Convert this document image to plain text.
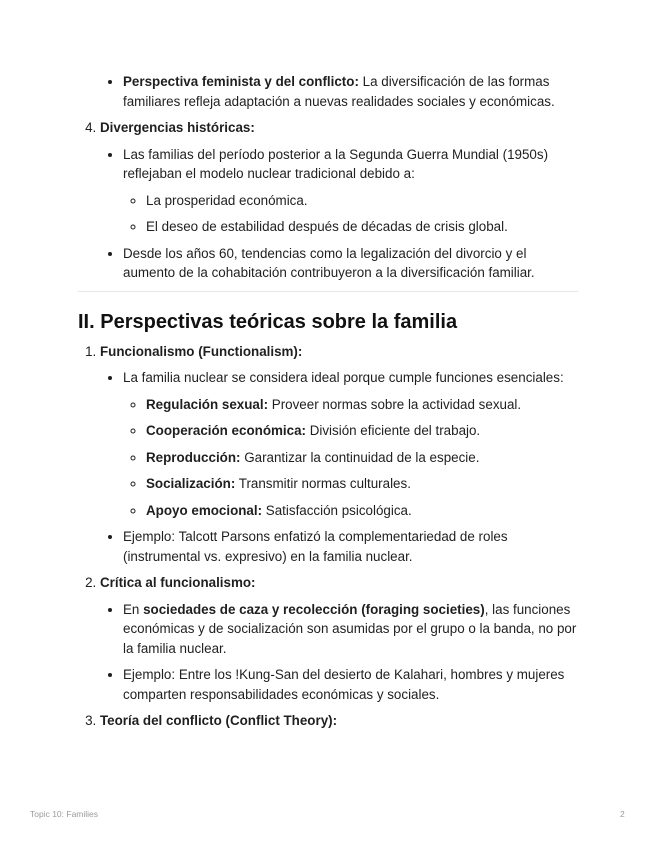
• Perspectiva feminista y del conflicto: La diversificación de las formas familiares refleja adaptación a nuevas realidades sociales y económicas.
4. Divergencias históricas:
• Las familias del período posterior a la Segunda Guerra Mundial (1950s) reflejaban el modelo nuclear tradicional debido a:
◦ La prosperidad económica.
◦ El deseo de estabilidad después de décadas de crisis global.
• Desde los años 60, tendencias como la legalización del divorcio y el aumento de la cohabitación contribuyeron a la diversificación familiar.
II. Perspectivas teóricas sobre la familia
1. Funcionalismo (Functionalism):
• La familia nuclear se considera ideal porque cumple funciones esenciales:
◦ Regulación sexual: Proveer normas sobre la actividad sexual.
◦ Cooperación económica: División eficiente del trabajo.
◦ Reproducción: Garantizar la continuidad de la especie.
◦ Socialización: Transmitir normas culturales.
◦ Apoyo emocional: Satisfacción psicológica.
• Ejemplo: Talcott Parsons enfatizó la complementariedad de roles (instrumental vs. expresivo) en la familia nuclear.
2. Crítica al funcionalismo:
• En sociedades de caza y recolección (foraging societies), las funciones económicas y de socialización son asumidas por el grupo o la banda, no por la familia nuclear.
• Ejemplo: Entre los !Kung-San del desierto de Kalahari, hombres y mujeres comparten responsabilidades económicas y sociales.
3. Teoría del conflicto (Conflict Theory):
Topic 10: Families	2
